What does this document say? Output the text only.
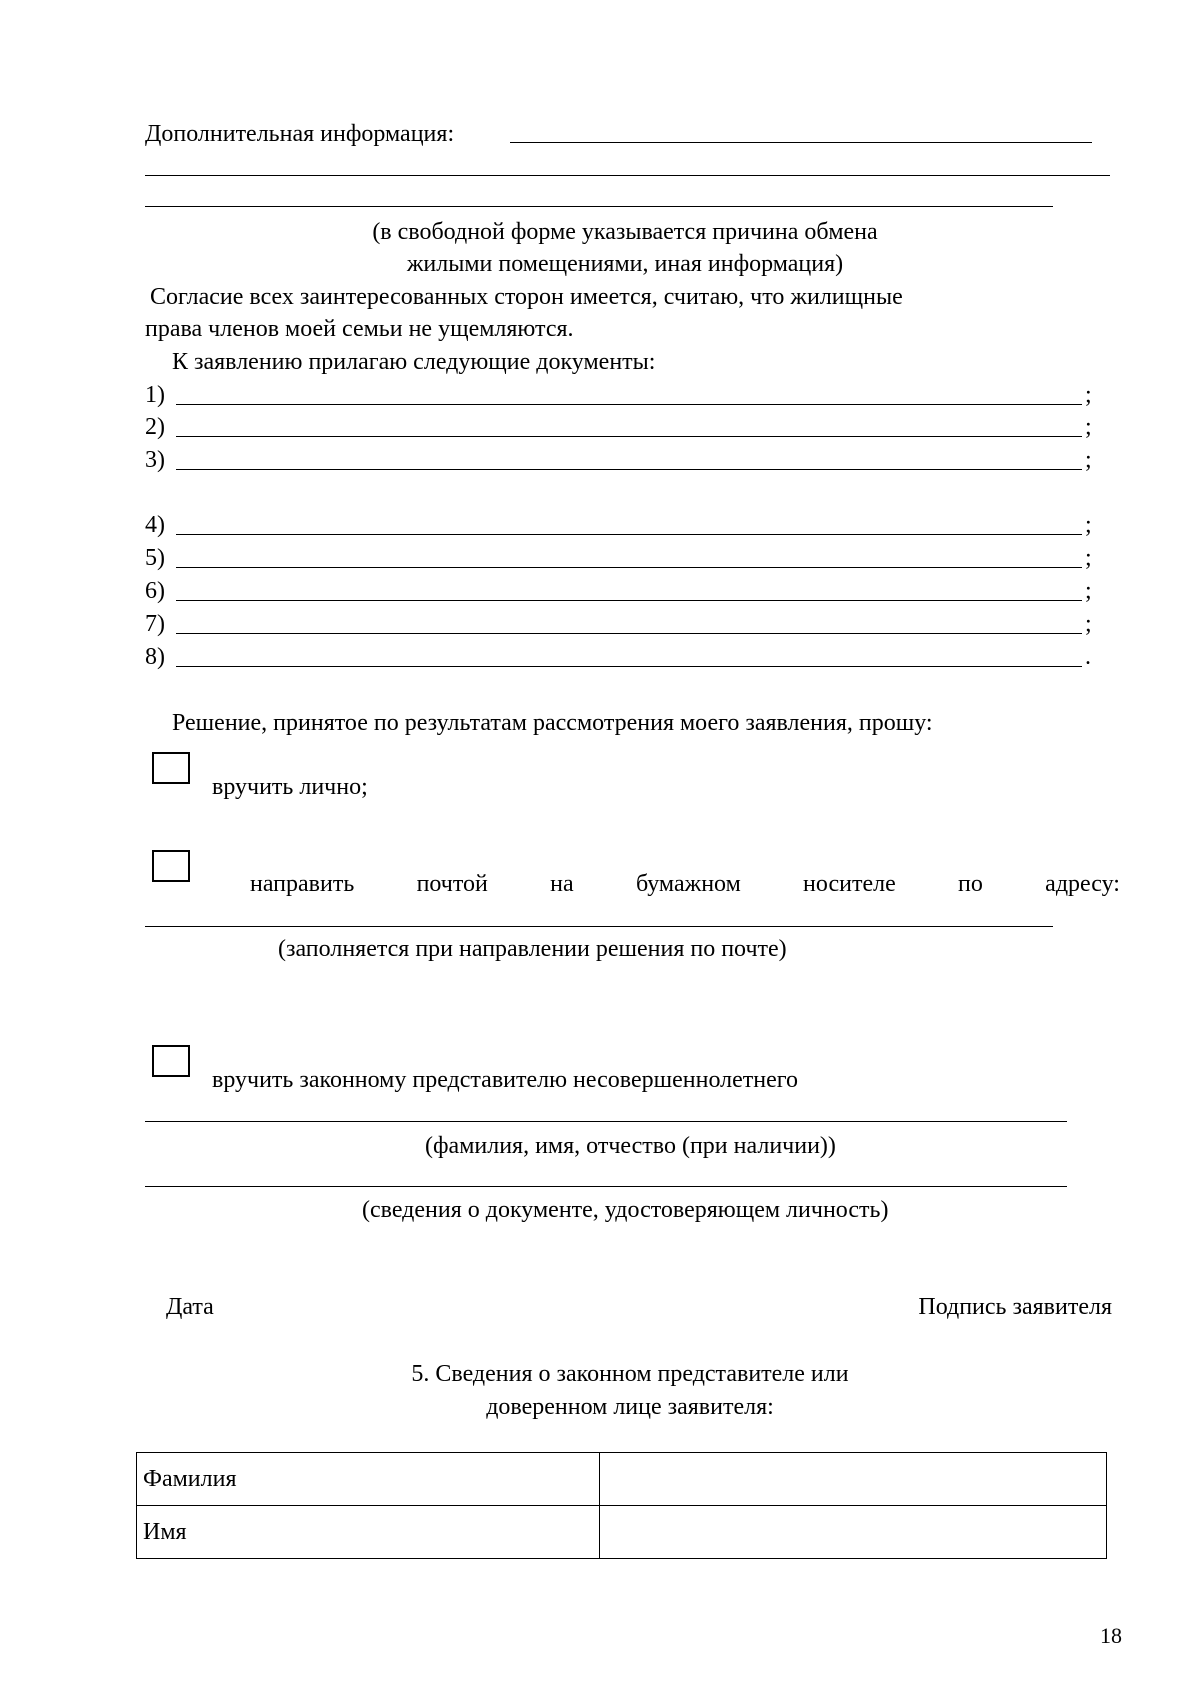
Дополнительная информация:
(в свободной форме указывается причина обмена
жилыми помещениями, иная информация)
Согласие всех заинтересованных сторон имеется, считаю, что жилищные
права членов моей семьи не ущемляются.
К заявлению прилагаю следующие документы:
1)	;
2)	;
3)	;
4)	;
5)	;
6)	;
7)	;
8)	.
Решение, принятое по результатам рассмотрения моего заявления, прошу:
вручить лично;
направить	почтой	на	бумажном	носителе	по	адресу:
(заполняется при направлении решения по почте)
вручить законному представителю несовершеннолетнего
(фамилия, имя, отчество (при наличии))
(сведения о документе, удостоверяющем личность)
Дата	Подпись заявителя
5. Сведения о законном представителе или
доверенном лице заявителя:
Фамилия	
Имя	
18
